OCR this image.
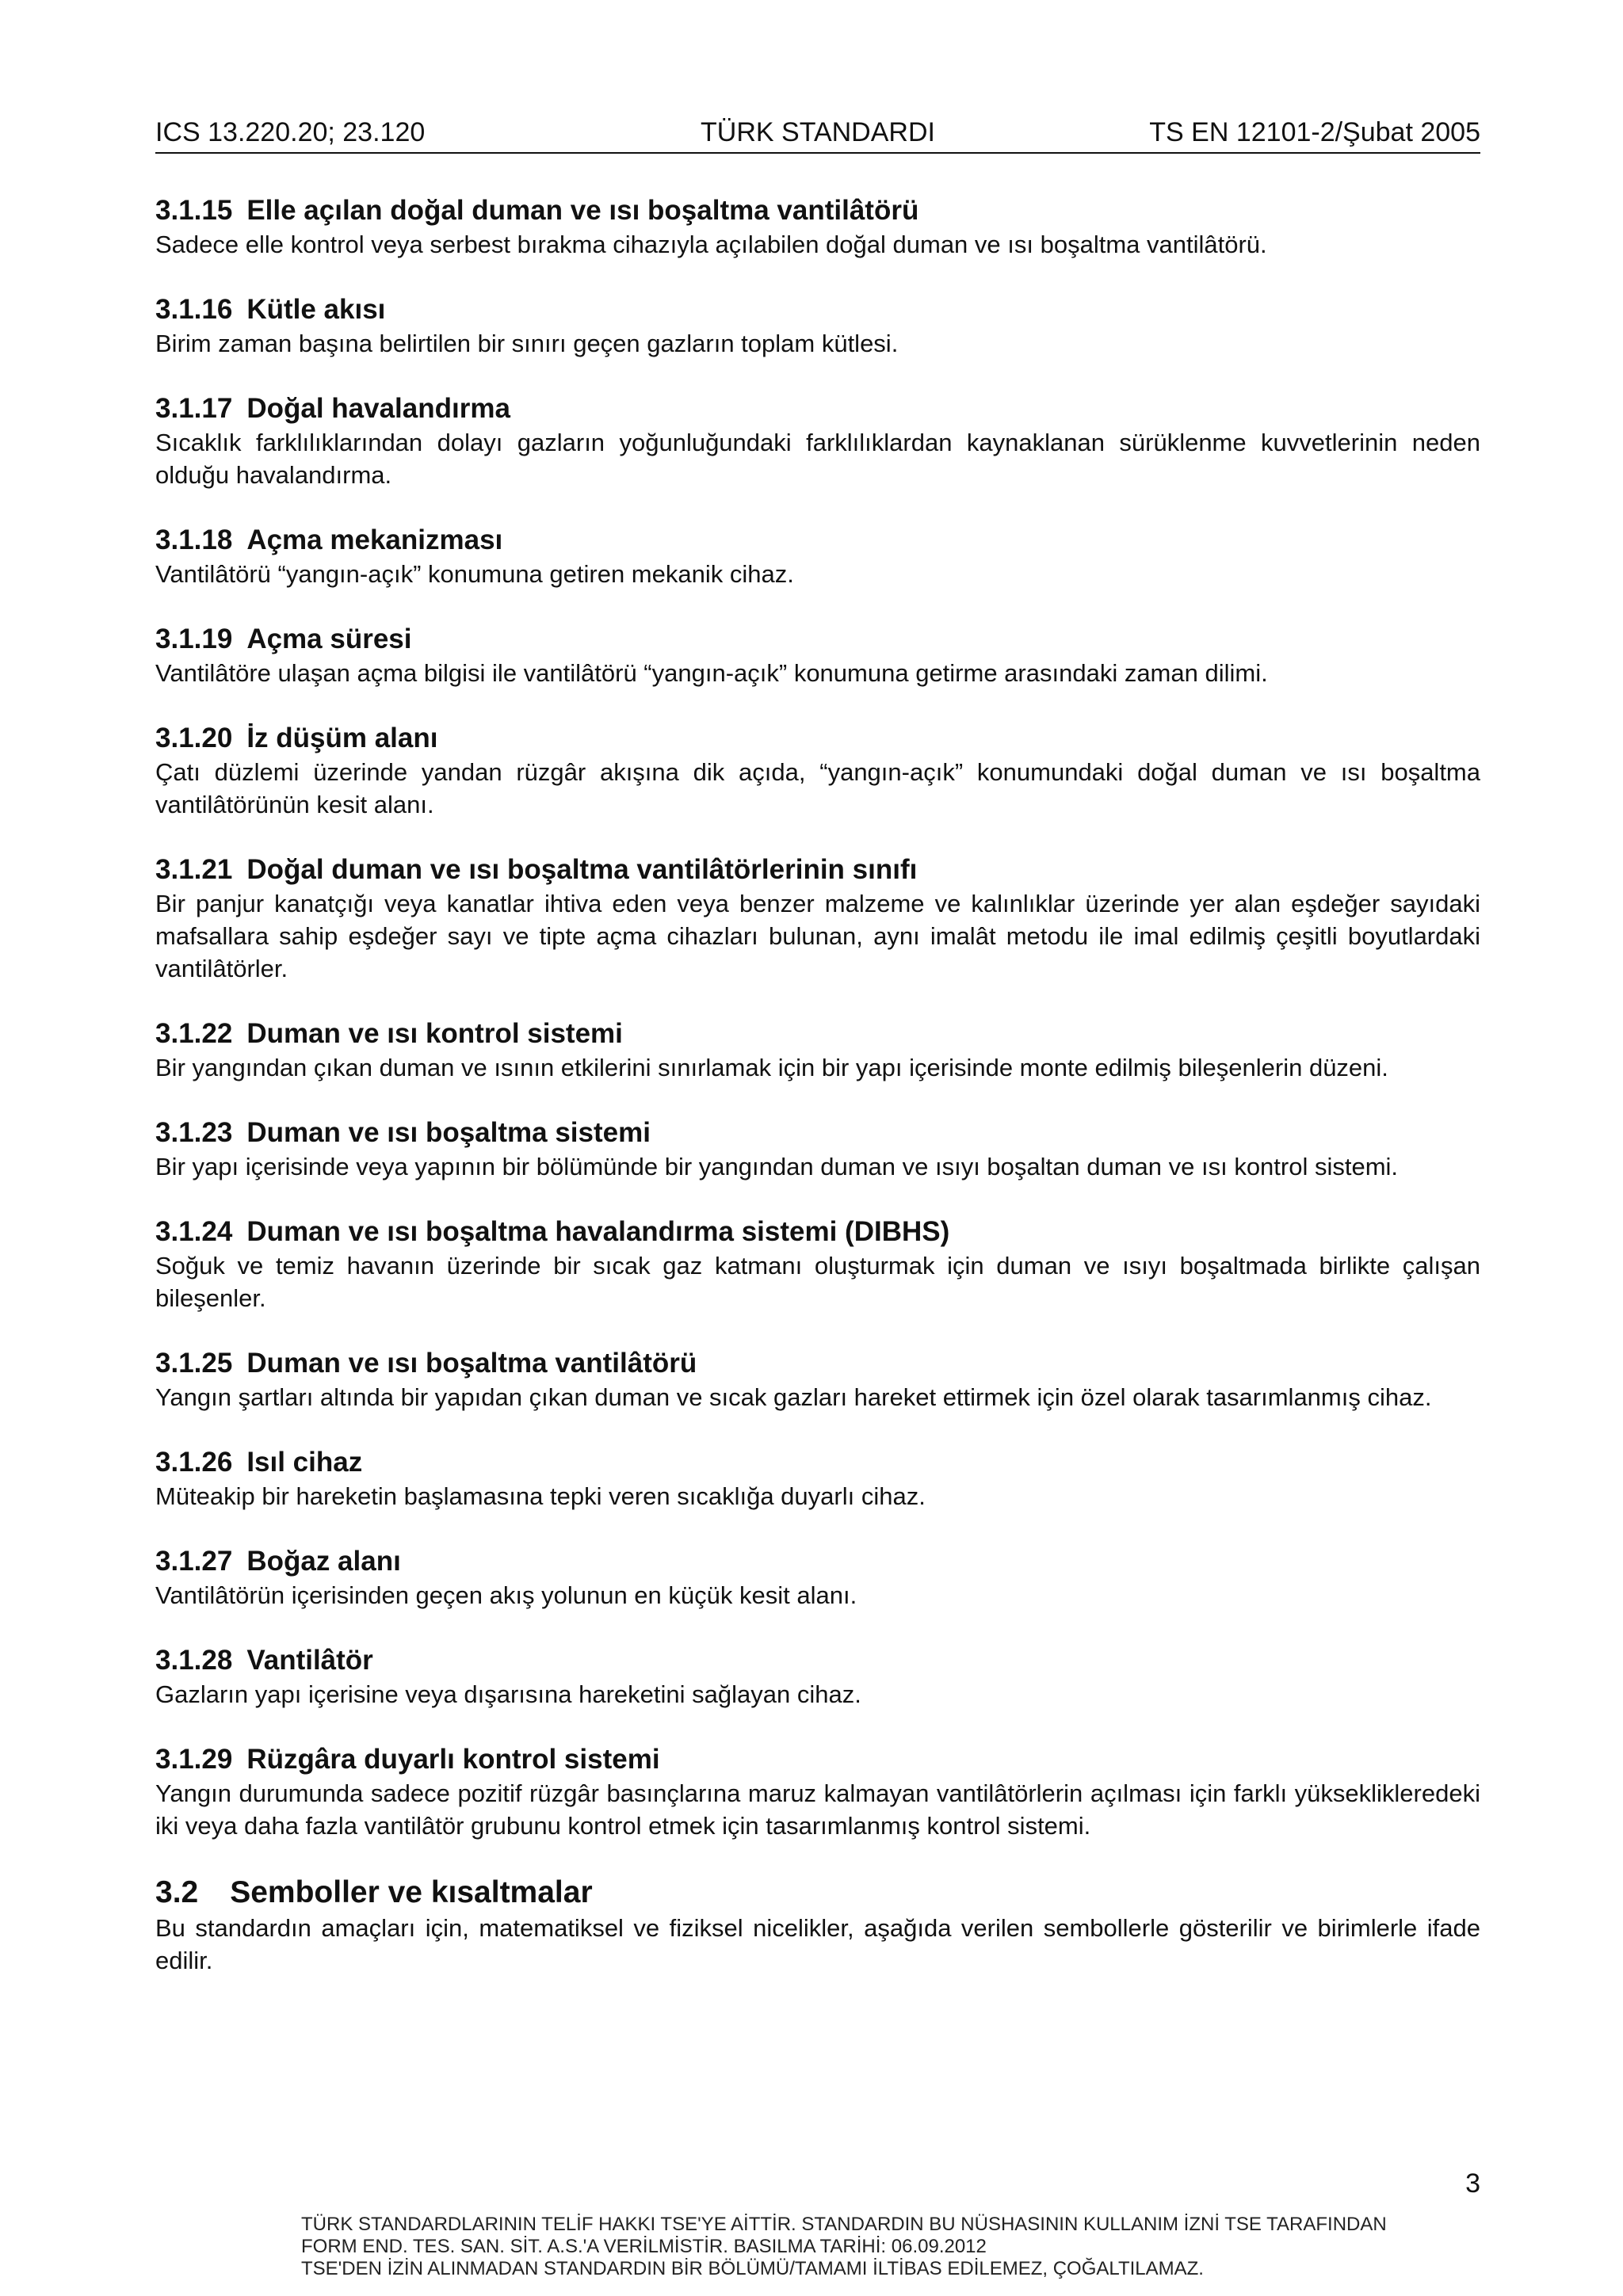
ICS 13.220.20; 23.120	TÜRK STANDARDI	TS EN 12101-2/Şubat 2005

3.1.15 Elle açılan doğal duman ve ısı boşaltma vantilâtörü

Sadece elle kontrol veya serbest bırakma cihazıyla açılabilen doğal duman ve ısı boşaltma vantilâtörü.

3.1.16 Kütle akısı

Birim zaman başına belirtilen bir sınırı geçen gazların toplam kütlesi.

3.1.17 Doğal havalandırma

Sıcaklık farklılıklarından dolayı gazların yoğunluğundaki farklılıklardan kaynaklanan sürüklenme kuvvetlerinin neden olduğu havalandırma.

3.1.18 Açma mekanizması

Vantilâtörü “yangın-açık” konumuna getiren mekanik cihaz.

3.1.19 Açma süresi

Vantilâtöre ulaşan açma bilgisi ile vantilâtörü “yangın-açık” konumuna getirme arasındaki zaman dilimi.

3.1.20 İz düşüm alanı

Çatı düzlemi üzerinde yandan rüzgâr akışına dik açıda, “yangın-açık” konumundaki doğal duman ve ısı boşaltma vantilâtörünün kesit alanı.

3.1.21 Doğal duman ve ısı boşaltma vantilâtörlerinin sınıfı

Bir panjur kanatçığı veya kanatlar ihtiva eden veya benzer malzeme ve kalınlıklar üzerinde yer alan eşdeğer sayıdaki mafsallara sahip eşdeğer sayı ve tipte açma cihazları bulunan, aynı imalât metodu ile imal edilmiş çeşitli boyutlardaki vantilâtörler.

3.1.22 Duman ve ısı kontrol sistemi

Bir yangından çıkan duman ve ısının etkilerini sınırlamak için bir yapı içerisinde monte edilmiş bileşenlerin düzeni.

3.1.23 Duman ve ısı boşaltma sistemi

Bir yapı içerisinde veya yapının bir bölümünde bir yangından duman ve ısıyı boşaltan duman ve ısı kontrol sistemi.

3.1.24 Duman ve ısı boşaltma havalandırma sistemi (DIBHS)

Soğuk ve temiz havanın üzerinde bir sıcak gaz katmanı oluşturmak için duman ve ısıyı boşaltmada birlikte çalışan bileşenler.

3.1.25 Duman ve ısı boşaltma vantilâtörü

Yangın şartları altında bir yapıdan çıkan duman ve sıcak gazları hareket ettirmek için özel olarak tasarımlanmış cihaz.

3.1.26 Isıl cihaz

Müteakip bir hareketin başlamasına tepki veren sıcaklığa duyarlı cihaz.

3.1.27 Boğaz alanı

Vantilâtörün içerisinden geçen akış yolunun en küçük kesit alanı.

3.1.28 Vantilâtör

Gazların yapı içerisine veya dışarısına hareketini sağlayan cihaz.

3.1.29 Rüzgâra duyarlı kontrol sistemi

Yangın durumunda sadece pozitif rüzgâr basınçlarına maruz kalmayan vantilâtörlerin açılması için farklı yükseklikleredeki iki veya daha fazla vantilâtör grubunu kontrol etmek için tasarımlanmış kontrol sistemi.

3.2 Semboller ve kısaltmalar

Bu standardın amaçları için, matematiksel ve fiziksel nicelikler, aşağıda verilen sembollerle gösterilir ve birimlerle ifade edilir.

3
TÜRK STANDARDLARININ TELİF HAKKI TSE'YE AİTTİR. STANDARDIN BU NÜSHASININ KULLANIM İZNİ TSE TARAFINDAN
FORM END. TES. SAN. SİT. A.S.'A VERİLMİSTİR. BASILMA TARİHİ: 06.09.2012
TSE'DEN İZİN ALINMADAN STANDARDIN BİR BÖLÜMÜ/TAMAMI İLTİBAS EDİLEMEZ, ÇOĞALTILAMAZ.
